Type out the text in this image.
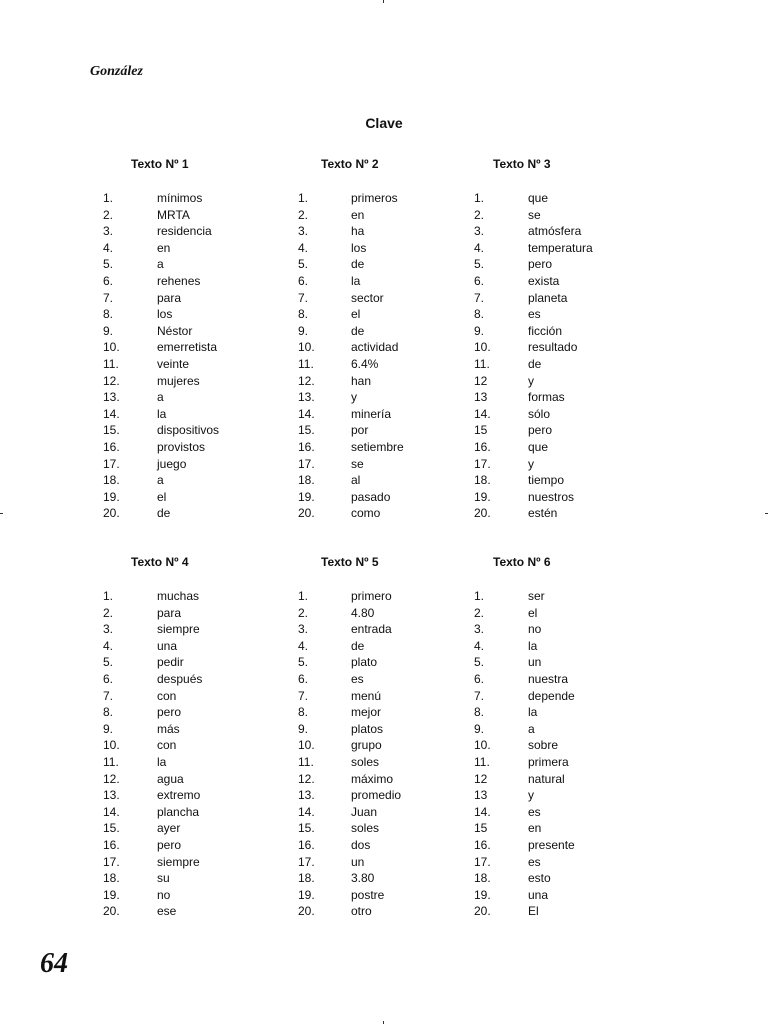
González
Clave
Texto Nº 1
1.	mínimos
2.	MRTA
3.	residencia
4.	en
5.	a
6.	rehenes
7.	para
8.	los
9.	Néstor
10.	emerretista
11.	veinte
12.	mujeres
13.	a
14.	la
15.	dispositivos
16.	provistos
17.	juego
18.	a
19.	el
20.	de
Texto Nº 2
1.	primeros
2.	en
3.	ha
4.	los
5.	de
6.	la
7.	sector
8.	el
9.	de
10.	actividad
11.	6.4%
12.	han
13.	y
14.	minería
15.	por
16.	setiembre
17.	se
18.	al
19.	pasado
20.	como
Texto Nº 3
1.	que
2.	se
3.	atmósfera
4.	temperatura
5.	pero
6.	exista
7.	planeta
8.	es
9.	ficción
10.	resultado
11.	de
12	y
13	formas
14.	sólo
15	pero
16.	que
17.	y
18.	tiempo
19.	nuestros
20.	estén
Texto Nº 4
1.	muchas
2.	para
3.	siempre
4.	una
5.	pedir
6.	después
7.	con
8.	pero
9.	más
10.	con
11.	la
12.	agua
13.	extremo
14.	plancha
15.	ayer
16.	pero
17.	siempre
18.	su
19.	no
20.	ese
Texto Nº 5
1.	primero
2.	4.80
3.	entrada
4.	de
5.	plato
6.	es
7.	menú
8.	mejor
9.	platos
10.	grupo
11.	soles
12.	máximo
13.	promedio
14.	Juan
15.	soles
16.	dos
17.	un
18.	3.80
19.	postre
20.	otro
Texto Nº 6
1.	ser
2.	el
3.	no
4.	la
5.	un
6.	nuestra
7.	depende
8.	la
9.	a
10.	sobre
11.	primera
12	natural
13	y
14.	es
15	en
16.	presente
17.	es
18.	esto
19.	una
20.	El
64
